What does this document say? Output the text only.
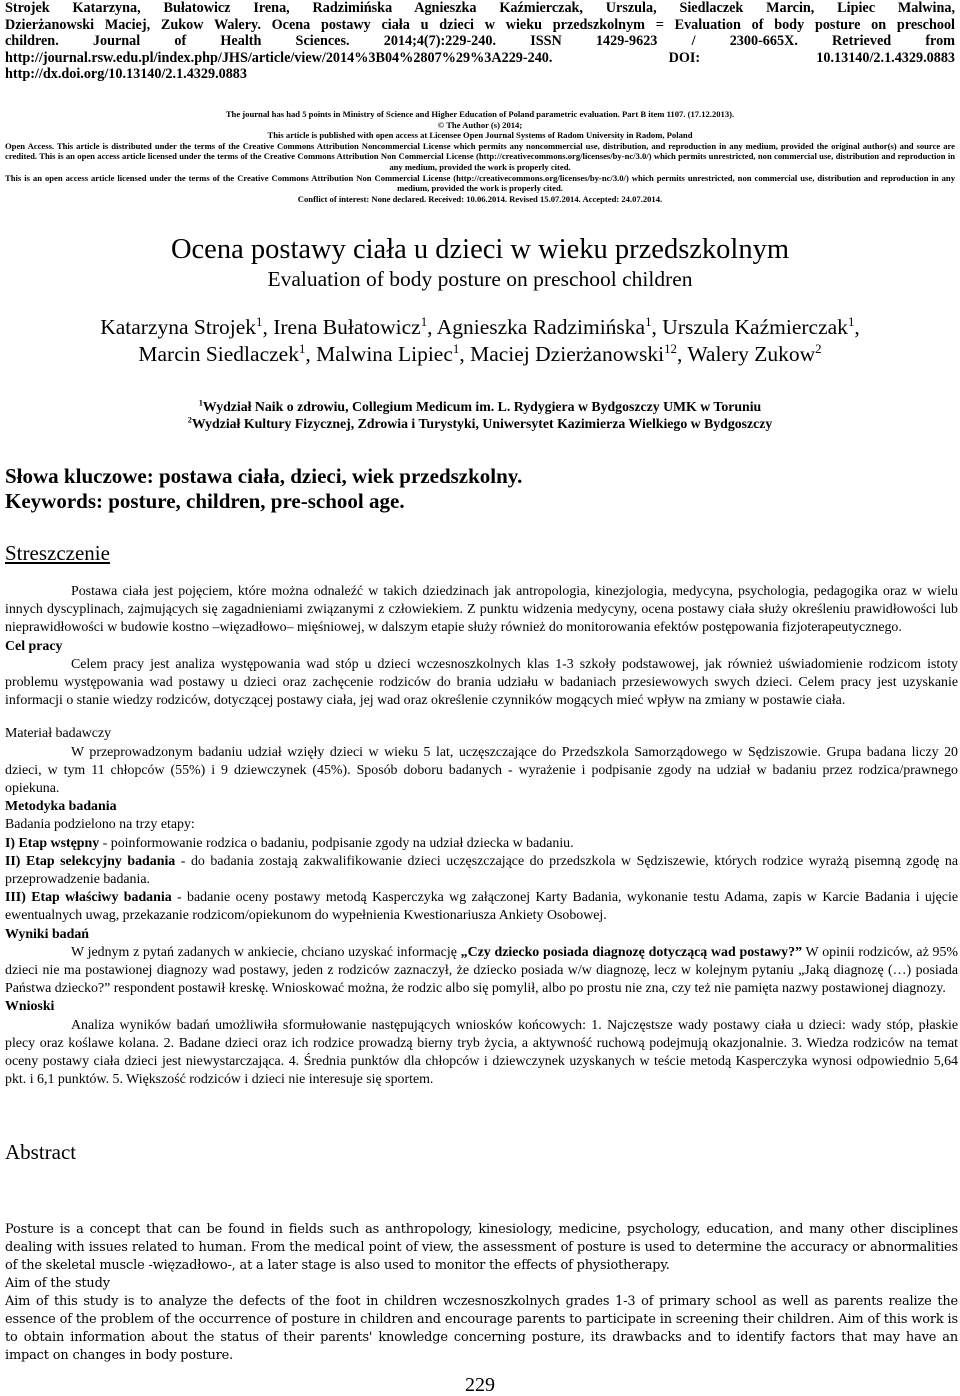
Strojek Katarzyna, Bułatowicz Irena, Radzimińska Agnieszka Kaźmierczak, Urszula, Siedlaczek Marcin, Lipiec Malwina,
Dzierżanowski Maciej, Zukow Walery. Ocena postawy ciała u dzieci w wieku przedszkolnym = Evaluation of body posture on preschool
children. Journal of Health Sciences. 2014;4(7):229-240. ISSN 1429-9623 / 2300-665X. Retrieved from
http://journal.rsw.edu.pl/index.php/JHS/article/view/2014%3B04%2807%29%3A229-240.	DOI:	10.13140/2.1.4329.0883
http://dx.doi.org/10.13140/2.1.4329.0883
The journal has had 5 points in Ministry of Science and Higher Education of Poland parametric evaluation. Part B item 1107. (17.12.2013).
© The Author (s) 2014;
This article is published with open access at Licensee Open Journal Systems of Radom University in Radom, Poland
Open Access. This article is distributed under the terms of the Creative Commons Attribution Noncommercial License which permits any noncommercial use, distribution, and reproduction in any medium, provided the original author(s) and source are credited. This is an open access article licensed under the terms of the Creative Commons Attribution Non Commercial License (http://creativecommons.org/licenses/by-nc/3.0/) which permits unrestricted, non commercial use, distribution and reproduction in any medium, provided the work is properly cited.
This is an open access article licensed under the terms of the Creative Commons Attribution Non Commercial License (http://creativecommons.org/licenses/by-nc/3.0/) which permits unrestricted, non commercial use, distribution and reproduction in any medium, provided the work is properly cited.
Conflict of interest: None declared. Received: 10.06.2014. Revised 15.07.2014. Accepted: 24.07.2014.
Ocena postawy ciała u dzieci w wieku przedszkolnym
Evaluation of body posture on preschool children
Katarzyna Strojek$^1$, Irena Bułatowicz$^1$, Agnieszka Radzimińska$^1$, Urszula Kaźmierczak$^1$,
Marcin Siedlaczek$^1$, Malwina Lipiec$^1$, Maciej Dzierżanowski$^{12}$, Walery Zukow$^2$
$^1$Wydział Naik o zdrowiu, Collegium Medicum im. L. Rydygiera w Bydgoszczy UMK w Toruniu
$^2$Wydział Kultury Fizycznej, Zdrowia i Turystyki, Uniwersytet Kazimierza Wielkiego w Bydgoszczy
Słowa kluczowe: postawa ciała, dzieci, wiek przedszkolny.
Keywords: posture, children, pre-school age.
Streszczenie

Postawa ciała jest pojęciem, które można odnaleźć w takich dziedzinach jak antropologia, kinezjologia, medycyna, psychologia, pedagogika oraz w wielu innych dyscyplinach, zajmujących się zagadnieniami związanymi z człowiekiem. Z punktu widzenia medycyny, ocena postawy ciała służy określeniu prawidłowości lub nieprawidłowości w budowie kostno –więzadłowo– mięśniowej, w dalszym etapie służy również do monitorowania efektów postępowania fizjoterapeutycznego.

Cel pracy

Celem pracy jest analiza występowania wad stóp u dzieci wczesnoszkolnych klas 1-3 szkoły podstawowej, jak również uświadomienie rodzicom istoty problemu występowania wad postawy u dzieci oraz zachęcenie rodziców do brania udziału w badaniach przesiewowych swych dzieci. Celem pracy jest uzyskanie informacji o stanie wiedzy rodziców, dotyczącej postawy ciała, jej wad oraz określenie czynników mogących mieć wpływ na zmiany w postawie ciała.

Materiał badawczy

W przeprowadzonym badaniu udział wzięły dzieci w wieku 5 lat, uczęszczające do Przedszkola Samorządowego w Sędziszowie. Grupa badana liczy 20 dzieci, w tym 11 chłopców (55%) i 9 dziewczynek (45%). Sposób doboru badanych - wyrażenie i podpisanie zgody na udział w badaniu przez rodzica/prawnego opiekuna.

Metodyka badania

Badania podzielono na trzy etapy:

I) Etap wstępny - poinformowanie rodzica o badaniu, podpisanie zgody na udział dziecka w badaniu.

II) Etap selekcyjny badania - do badania zostają zakwalifikowanie dzieci uczęszczające do przedszkola w Sędziszewie, których rodzice wyrażą pisemną zgodę na przeprowadzenie badania.

III) Etap właściwy badania - badanie oceny postawy metodą Kasperczyka wg załączonej Karty Badania, wykonanie testu Adama, zapis w Karcie Badania i ujęcie ewentualnych uwag, przekazanie rodzicom/opiekunom do wypełnienia Kwestionariusza Ankiety Osobowej.

Wyniki badań

W jednym z pytań zadanych w ankiecie, chciano uzyskać informację „Czy dziecko posiada diagnozę dotyczącą wad postawy?” W opinii rodziców, aż 95% dzieci nie ma postawionej diagnozy wad postawy, jeden z rodziców zaznaczył, że dziecko posiada w/w diagnozę, lecz w kolejnym pytaniu „Jaką diagnozę (…) posiada Państwa dziecko?” respondent postawił kreskę. Wnioskować można, że rodzic albo się pomylił, albo po prostu nie zna, czy też nie pamięta nazwy postawionej diagnozy.

Wnioski

Analiza wyników badań umożliwiła sformułowanie następujących wniosków końcowych: 1. Najczęstsze wady postawy ciała u dzieci: wady stóp, płaskie plecy oraz koślawe kolana. 2. Badane dzieci oraz ich rodzice prowadzą bierny tryb życia, a aktywność ruchową podejmują okazjonalnie. 3. Wiedza rodziców na temat oceny postawy ciała dzieci jest niewystarczająca. 4. Średnia punktów dla chłopców i dziewczynek uzyskanych w teście metodą Kasperczyka wynosi odpowiednio 5,64 pkt. i 6,1 punktów. 5. Większość rodziców i dzieci nie interesuje się sportem.

Abstract

Posture is a concept that can be found in fields such as anthropology, kinesiology, medicine, psychology, education, and many other disciplines dealing with issues related to human. From the medical point of view, the assessment of posture is used to determine the accuracy or abnormalities of the skeletal muscle -więzadłowo-, at a later stage is also used to monitor the effects of physiotherapy.

Aim of the study

Aim of this study is to analyze the defects of the foot in children wczesnoszkolnych grades 1-3 of primary school as well as parents realize the essence of the problem of the occurrence of posture in children and encourage parents to participate in screening their children. Aim of this work is to obtain information about the status of their parents' knowledge concerning posture, its drawbacks and to identify factors that may have an impact on changes in body posture.

229
